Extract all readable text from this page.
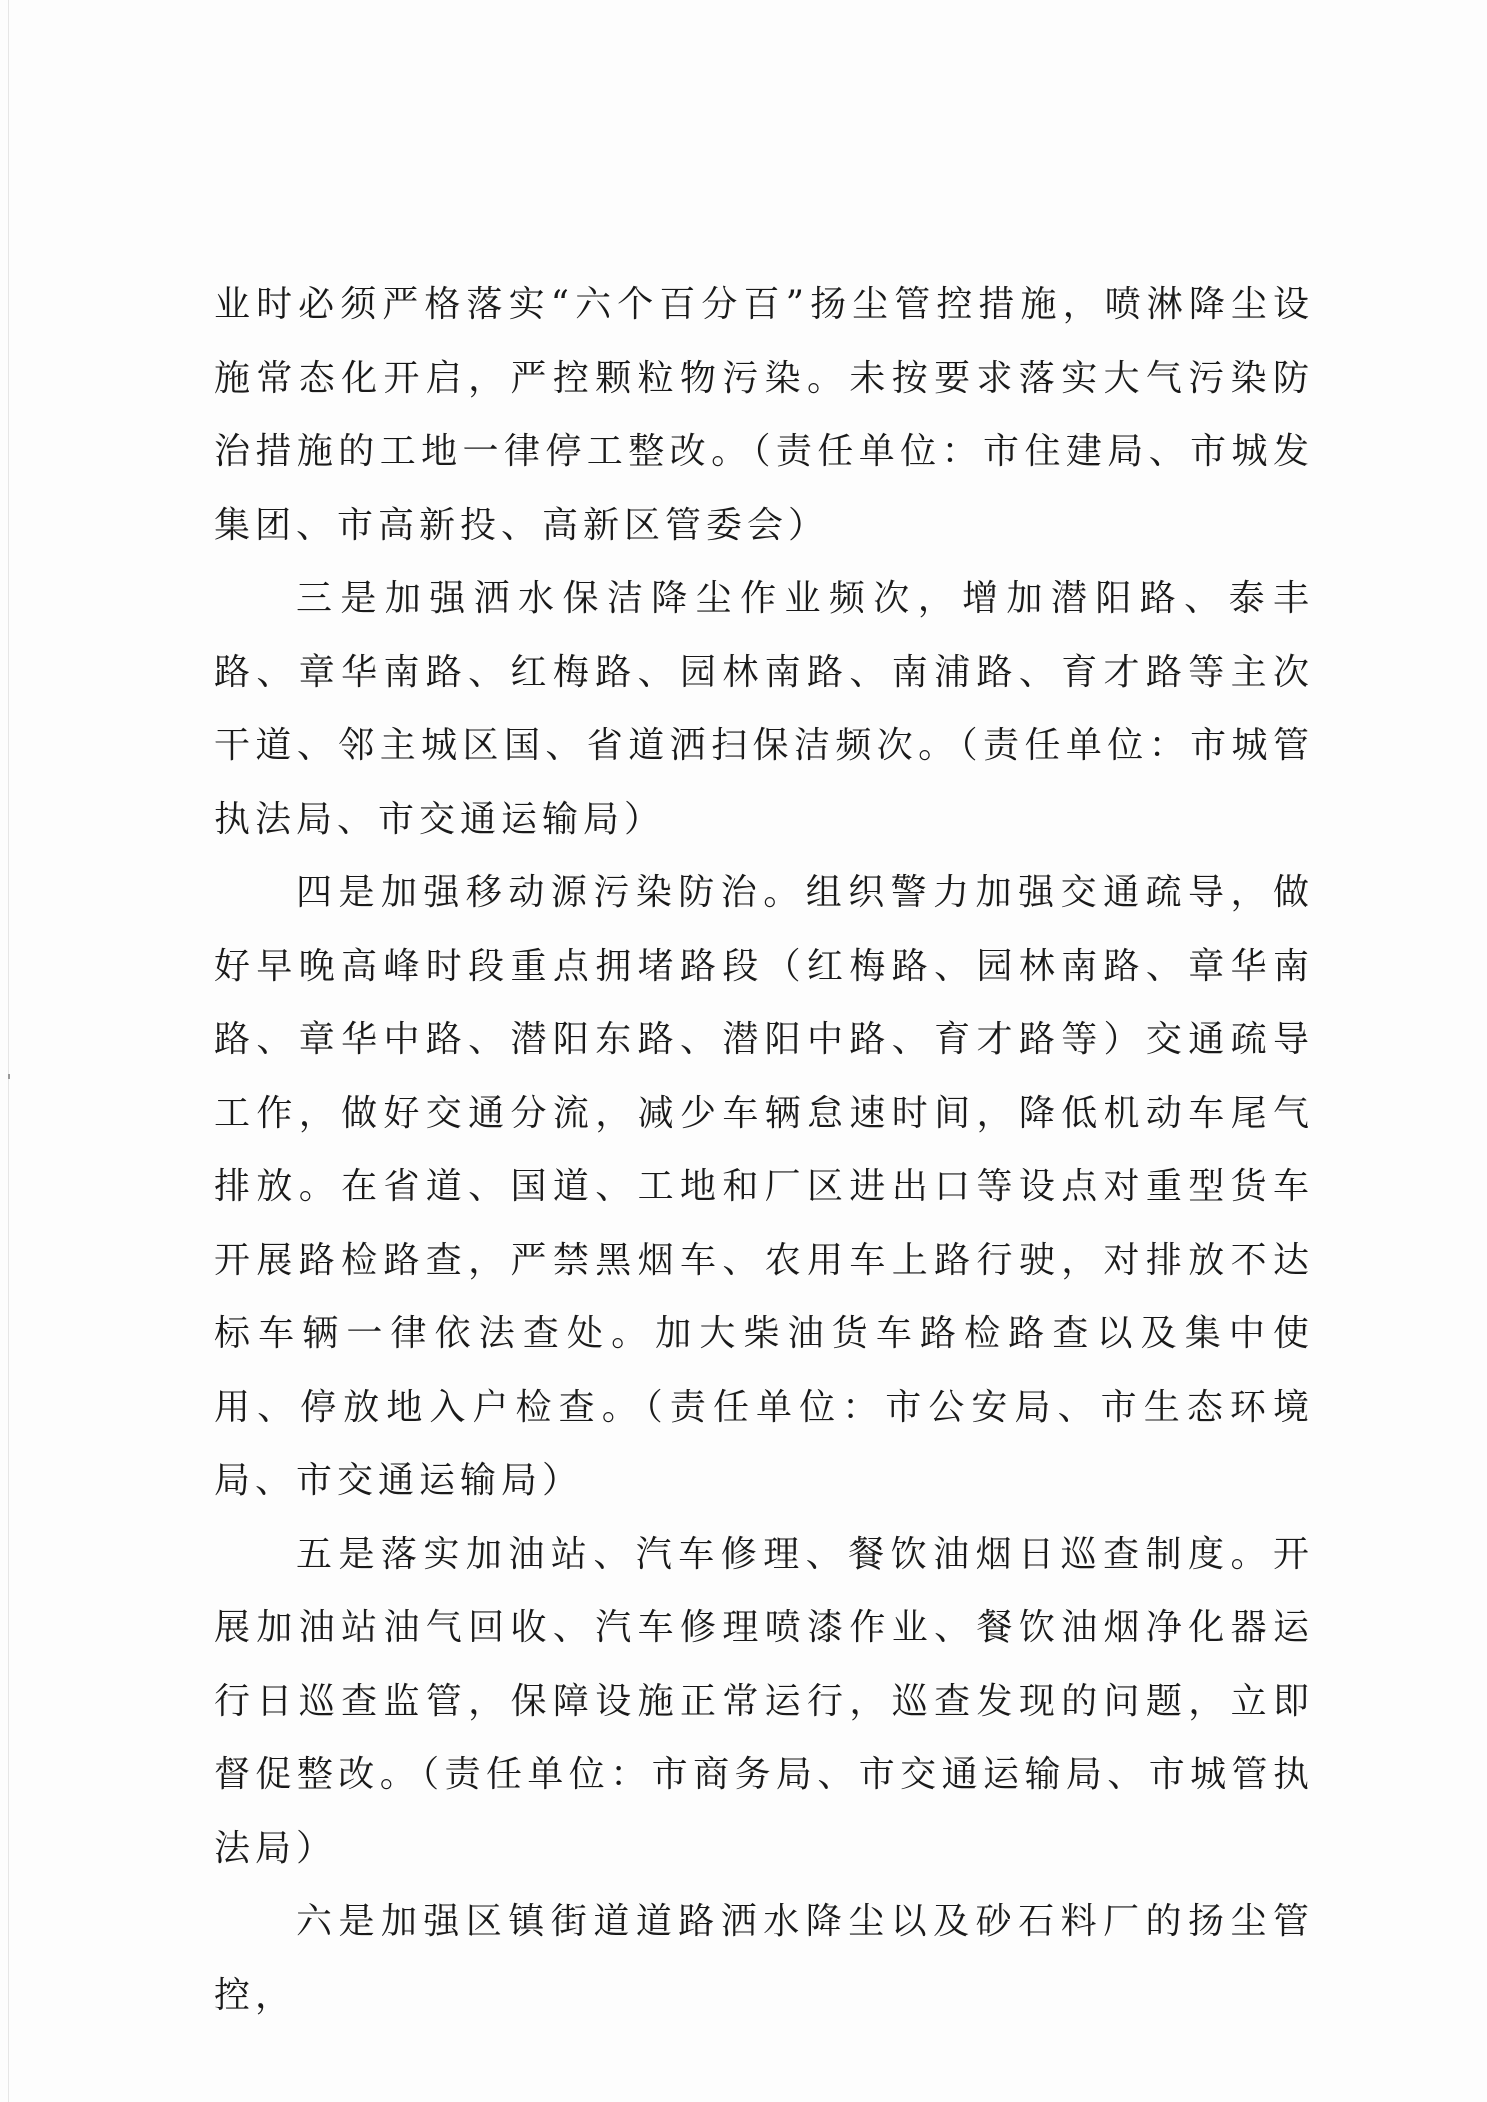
业时必须严格落实“六个百分百”扬尘管控措施，喷淋降尘设施常态化开启，严控颗粒物污染。未按要求落实大气污染防治措施的工地一律停工整改。（责任单位：市住建局、市城发集团、市高新投、高新区管委会）

三是加强洒水保洁降尘作业频次，增加潜阳路、泰丰路、章华南路、红梅路、园林南路、南浦路、育才路等主次干道、邻主城区国、省道洒扫保洁频次。（责任单位：市城管执法局、市交通运输局）

四是加强移动源污染防治。组织警力加强交通疏导，做好早晚高峰时段重点拥堵路段（红梅路、园林南路、章华南路、章华中路、潜阳东路、潜阳中路、育才路等）交通疏导工作，做好交通分流，减少车辆怠速时间，降低机动车尾气排放。在省道、国道、工地和厂区进出口等设点对重型货车开展路检路查，严禁黑烟车、农用车上路行驶，对排放不达标车辆一律依法查处。加大柴油货车路检路查以及集中使用、停放地入户检查。（责任单位：市公安局、市生态环境局、市交通运输局）

五是落实加油站、汽车修理、餐饮油烟日巡查制度。开展加油站油气回收、汽车修理喷漆作业、餐饮油烟净化器运行日巡查监管，保障设施正常运行，巡查发现的问题，立即督促整改。（责任单位：市商务局、市交通运输局、市城管执法局）

六是加强区镇街道道路洒水降尘以及砂石料厂的扬尘管控，
